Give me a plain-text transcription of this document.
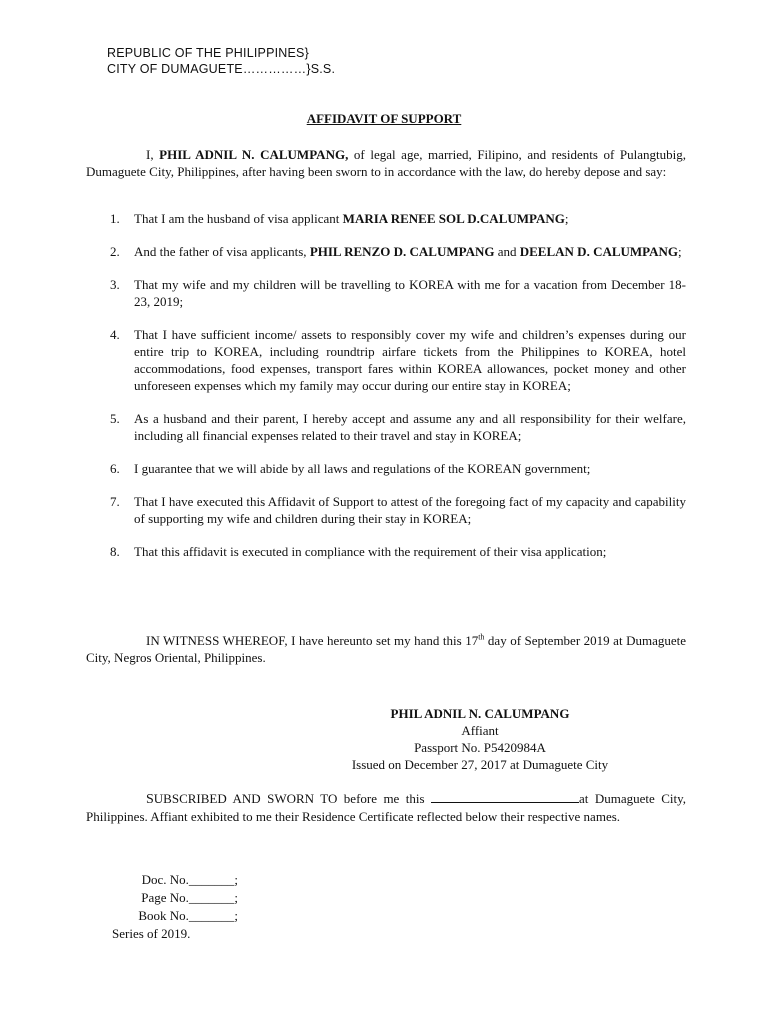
REPUBLIC OF THE PHILIPPINES}
CITY OF DUMAGUETE……………}S.S.
AFFIDAVIT OF SUPPORT
I, PHIL ADNIL N. CALUMPANG, of legal age, married, Filipino, and residents of Pulangtubig, Dumaguete City, Philippines, after having been sworn to in accordance with the law, do hereby depose and say:
1. That I am the husband of visa applicant MARIA RENEE SOL D.CALUMPANG;
2. And the father of visa applicants, PHIL RENZO D. CALUMPANG and DEELAN D. CALUMPANG;
3. That my wife and my children will be travelling to KOREA with me for a vacation from December 18-23, 2019;
4. That I have sufficient income/ assets to responsibly cover my wife and children’s expenses during our entire trip to KOREA, including roundtrip airfare tickets from the Philippines to KOREA, hotel accommodations, food expenses, transport fares within KOREA allowances, pocket money and other unforeseen expenses which my family may occur during our entire stay in KOREA;
5. As a husband and their parent, I hereby accept and assume any and all responsibility for their welfare, including all financial expenses related to their travel and stay in KOREA;
6. I guarantee that we will abide by all laws and regulations of the KOREAN government;
7. That I have executed this Affidavit of Support to attest of the foregoing fact of my capacity and capability of supporting my wife and children during their stay in KOREA;
8. That this affidavit is executed in compliance with the requirement of their visa application;
IN WITNESS WHEREOF, I have hereunto set my hand this 17th day of September 2019 at Dumaguete City, Negros Oriental, Philippines.
PHIL ADNIL N. CALUMPANG
Affiant
Passport No. P5420984A
Issued on December 27, 2017 at Dumaguete City
SUBSCRIBED AND SWORN TO before me this	at Dumaguete City, Philippines. Affiant exhibited to me their Residence Certificate reflected below their respective names.
Doc. No._______;
Page No._______;
Book No._______;
Series of 2019.
